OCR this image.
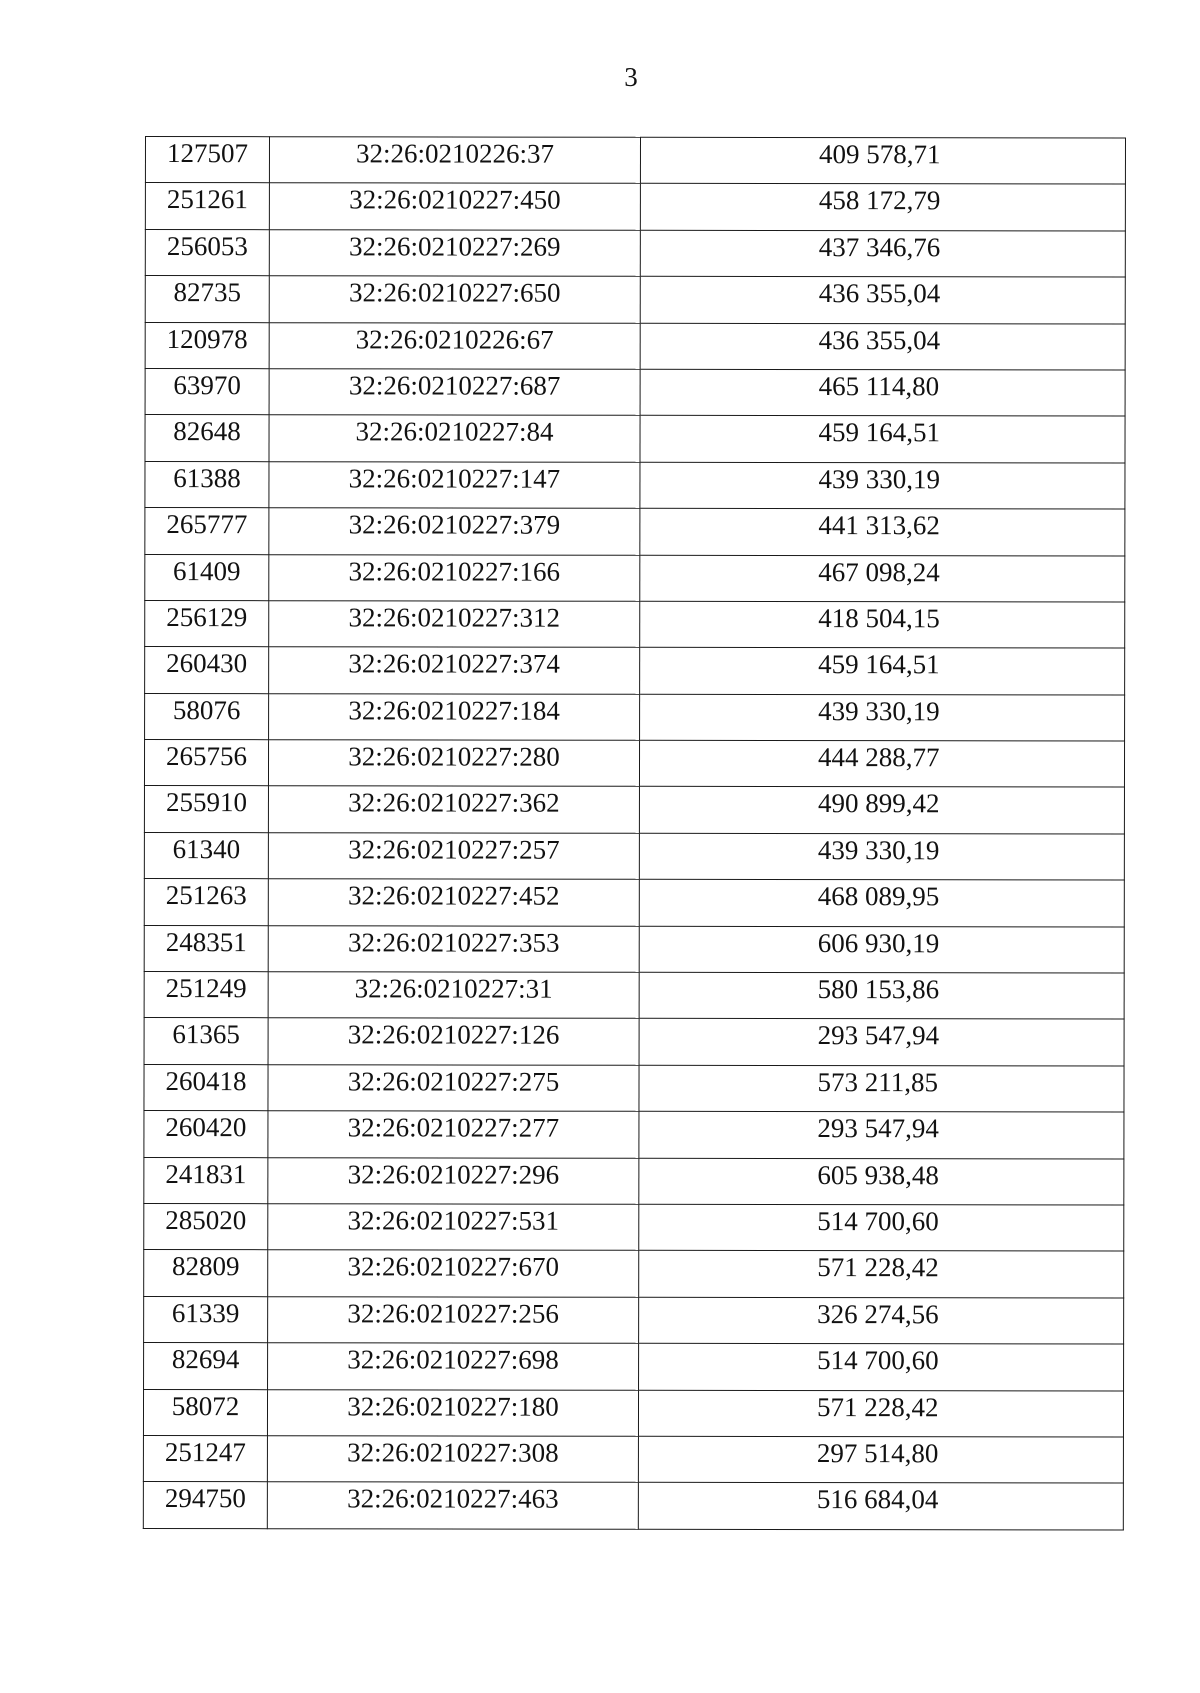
3
127507	32:26:0210226:37	409 578,71
251261	32:26:0210227:450	458 172,79
256053	32:26:0210227:269	437 346,76
82735	32:26:0210227:650	436 355,04
120978	32:26:0210226:67	436 355,04
63970	32:26:0210227:687	465 114,80
82648	32:26:0210227:84	459 164,51
61388	32:26:0210227:147	439 330,19
265777	32:26:0210227:379	441 313,62
61409	32:26:0210227:166	467 098,24
256129	32:26:0210227:312	418 504,15
260430	32:26:0210227:374	459 164,51
58076	32:26:0210227:184	439 330,19
265756	32:26:0210227:280	444 288,77
255910	32:26:0210227:362	490 899,42
61340	32:26:0210227:257	439 330,19
251263	32:26:0210227:452	468 089,95
248351	32:26:0210227:353	606 930,19
251249	32:26:0210227:31	580 153,86
61365	32:26:0210227:126	293 547,94
260418	32:26:0210227:275	573 211,85
260420	32:26:0210227:277	293 547,94
241831	32:26:0210227:296	605 938,48
285020	32:26:0210227:531	514 700,60
82809	32:26:0210227:670	571 228,42
61339	32:26:0210227:256	326 274,56
82694	32:26:0210227:698	514 700,60
58072	32:26:0210227:180	571 228,42
251247	32:26:0210227:308	297 514,80
294750	32:26:0210227:463	516 684,04
